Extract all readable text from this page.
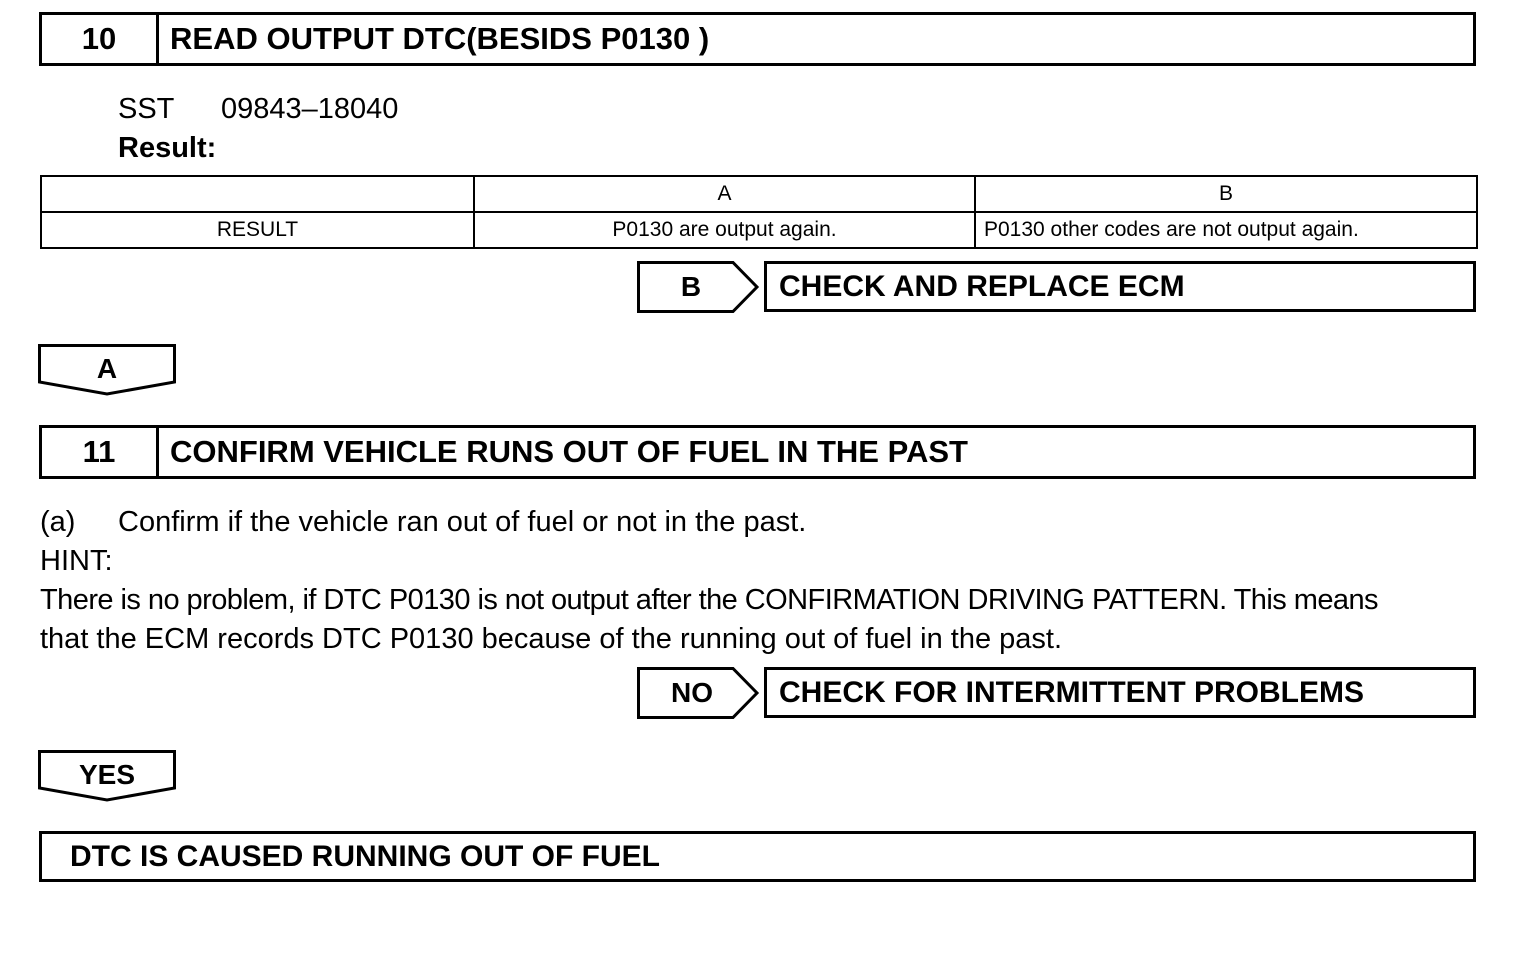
10	READ OUTPUT DTC(BESIDS P0130 )
SST 09843–18040
Result:
	A	B
RESULT	P0130 are output again.	P0130 other codes are not output again.
B	CHECK AND REPLACE ECM
A
11	CONFIRM VEHICLE RUNS OUT OF FUEL IN THE PAST
(a) Confirm if the vehicle ran out of fuel or not in the past.
HINT:
There is no problem, if DTC P0130 is not output after the CONFIRMATION DRIVING PATTERN. This means
that the ECM records DTC P0130 because of the running out of fuel in the past.
NO	CHECK FOR INTERMITTENT PROBLEMS
YES
DTC IS CAUSED RUNNING OUT OF FUEL
